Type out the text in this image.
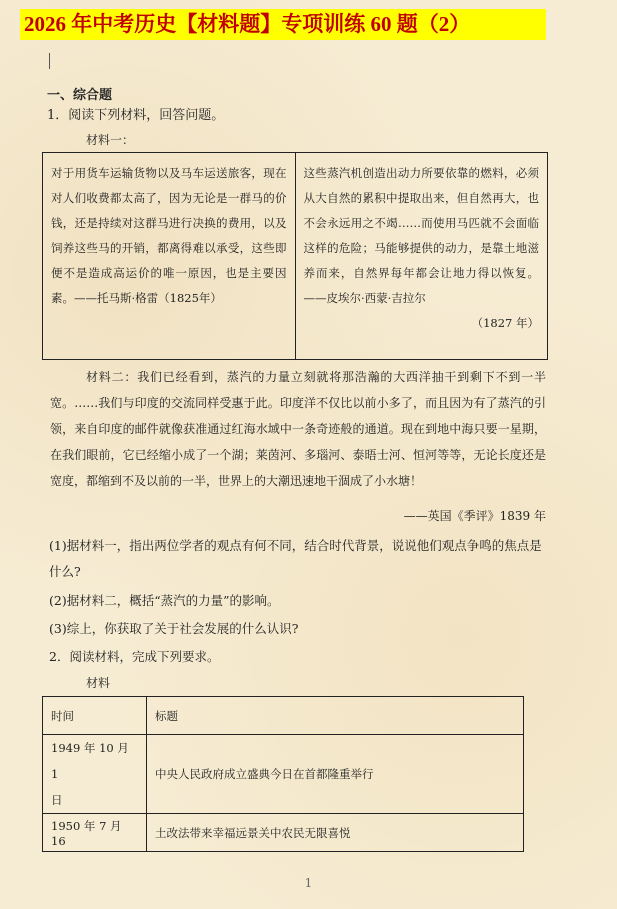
2026 年中考历史【材料题】专项训练 60 题（2）
一、综合题
1．阅读下列材料，回答问题。
材料一：
对于用货车运输货物以及马车运送旅客，现在对人们收费都太高了，因为无论是一群马的价钱，还是持续对这群马进行决换的费用，以及饲养这些马的开销，都离得难以承受，这些即便不是造成高运价的唯一原因，也是主要因素。——托马斯·格雷（1825年）	
这些蒸汽机创造出动力所要依靠的燃料，必须从大自然的累积中提取出来，但自然再大，也不会永远用之不竭……而使用马匹就不会面临这样的危险；马能够提供的动力，是靠土地滋养而来，自然界每年都会让地力得以恢复。——皮埃尔·西蒙·吉拉尔
（1827 年）
材料二：我们已经看到，蒸汽的力量立刻就将那浩瀚的大西洋抽干到剩下不到一半宽。……我们与印度的交流同样受惠于此。印度洋不仅比以前小多了，而且因为有了蒸汽的引领，来自印度的邮件就像获准通过红海水域中一条奇迹般的通道。现在到地中海只要一星期，在我们眼前，它已经缩小成了一个湖；莱茵河、多瑙河、泰晤士河、恒河等等，无论长度还是宽度，都缩到不及以前的一半，世界上的大潮迅速地干涸成了小水塘！
——英国《季评》1839 年
(1)据材料一，指出两位学者的观点有何不同，结合时代背景，说说他们观点争鸣的焦点是
什么?
(2)据材料二，概括“蒸汽的力量”的影响。
(3)综上，你获取了关于社会发展的什么认识?
2．阅读材料，完成下列要求。
材料
时间	标题

1949 年 10 月 1
日	中央人民政府成立盛典今日在首都隆重举行
1950 年 7 月 16	土改法带来幸福远景关中农民无限喜悦
1
